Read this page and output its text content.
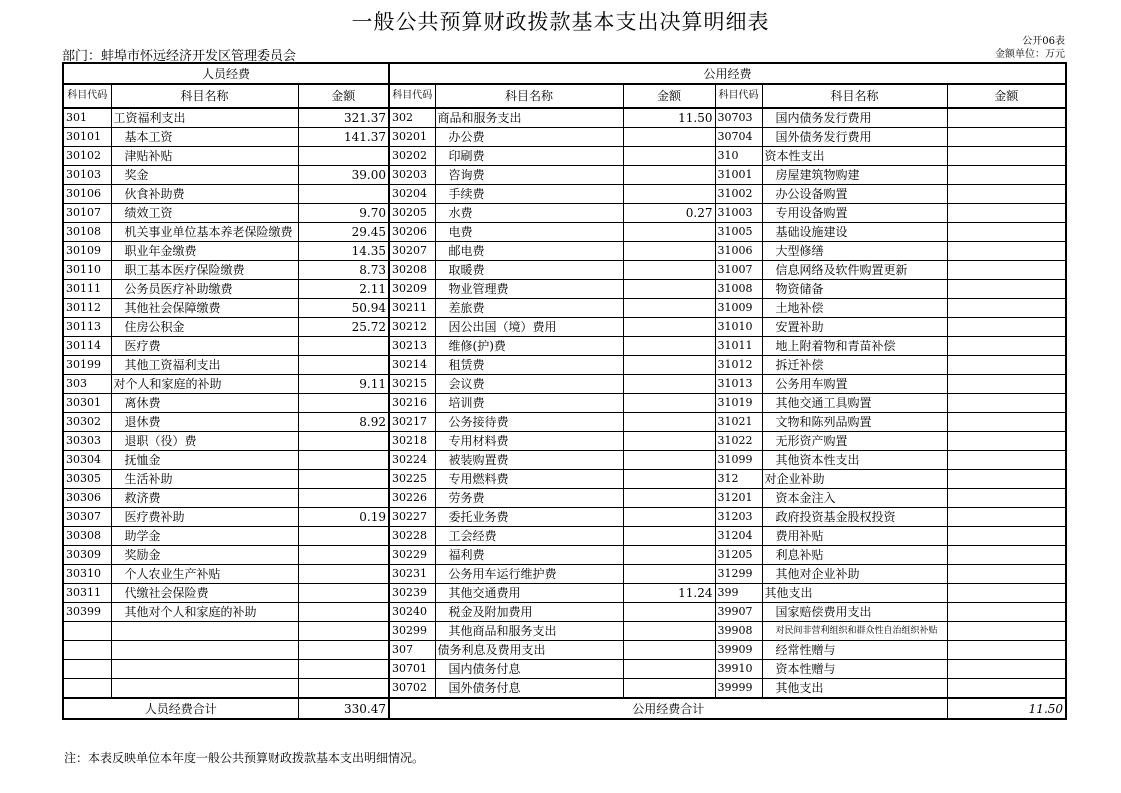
一般公共预算财政拨款基本支出决算明细表
公开06表
部门：蚌埠市怀远经济开发区管理委员会	金额单位：万元
人员经费			公用经费					
科目代码	科目名称	金额	科目代码	科目名称	金额	科目代码	科目名称	金额
301	工资福利支出	321.37	302	商品和服务支出	11.50	30703	国内债务发行费用	
30101	基本工资	141.37	30201	办公费		30704	国外债务发行费用	
30102	津贴补贴		30202	印刷费		310	资本性支出	
30103	奖金	39.00	30203	咨询费		31001	房屋建筑物购建	
30106	伙食补助费		30204	手续费		31002	办公设备购置	
30107	绩效工资	9.70	30205	水费	0.27	31003	专用设备购置	
30108	机关事业单位基本养老保险缴费	29.45	30206	电费		31005	基础设施建设	
30109	职业年金缴费	14.35	30207	邮电费		31006	大型修缮	
30110	职工基本医疗保险缴费	8.73	30208	取暖费		31007	信息网络及软件购置更新	
30111	公务员医疗补助缴费	2.11	30209	物业管理费		31008	物资储备	
30112	其他社会保障缴费	50.94	30211	差旅费		31009	土地补偿	
30113	住房公积金	25.72	30212	因公出国（境）费用		31010	安置补助	
30114	医疗费		30213	维修(护)费		31011	地上附着物和青苗补偿	
30199	其他工资福利支出		30214	租赁费		31012	拆迁补偿	
303	对个人和家庭的补助	9.11	30215	会议费		31013	公务用车购置	
30301	离休费		30216	培训费		31019	其他交通工具购置	
30302	退休费	8.92	30217	公务接待费		31021	文物和陈列品购置	
30303	退职（役）费		30218	专用材料费		31022	无形资产购置	
30304	抚恤金		30224	被装购置费		31099	其他资本性支出	
30305	生活补助		30225	专用燃料费		312	对企业补助	
30306	救济费		30226	劳务费		31201	资本金注入	
30307	医疗费补助	0.19	30227	委托业务费		31203	政府投资基金股权投资	
30308	助学金		30228	工会经费		31204	费用补贴	
30309	奖励金		30229	福利费		31205	利息补贴	
30310	个人农业生产补贴		30231	公务用车运行维护费		31299	其他对企业补助	
30311	代缴社会保险费		30239	其他交通费用	11.24	399	其他支出	
30399	其他对个人和家庭的补助		30240	税金及附加费用		39907	国家赔偿费用支出	
			30299	其他商品和服务支出		39908	对民间非营利组织和群众性自治组织补贴	
			307	债务利息及费用支出		39909	经常性赠与	
			30701	国内债务付息		39910	资本性赠与	
			30702	国外债务付息		39999	其他支出	
人员经费合计		330.47	公用经费合计					11.50
注：本表反映单位本年度一般公共预算财政拨款基本支出明细情况。
